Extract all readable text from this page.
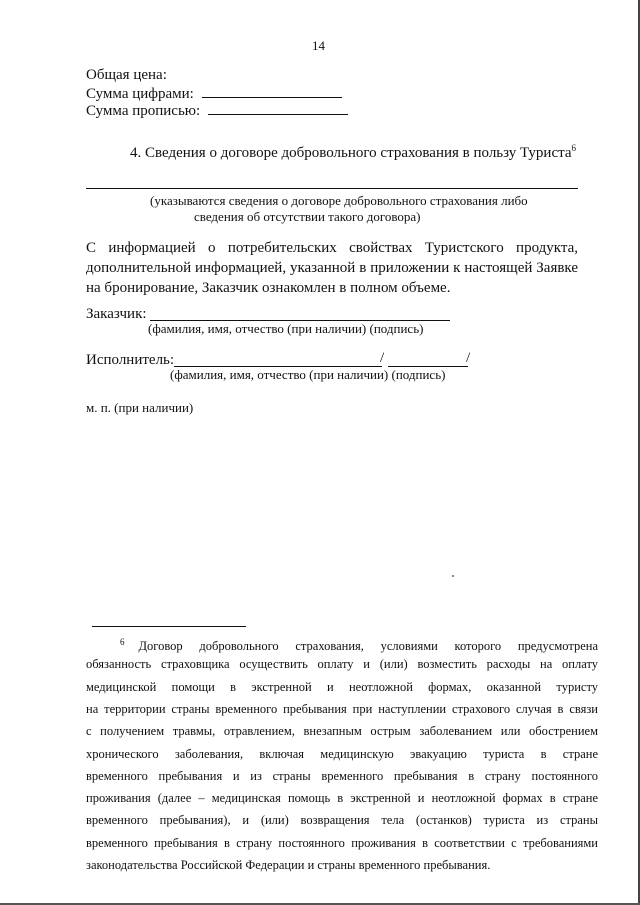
14
Общая цена:
Сумма цифрами:
Сумма прописью:
4. Сведения о договоре добровольного страхования в пользу Туриста$^6$
(указываются сведения о договоре добровольного страхования либо
сведения об отсутствии такого договора)
С информацией о потребительских свойствах Туристского продукта,
дополнительной информацией, указанной в приложении к настоящей Заявке
на бронирование, Заказчик ознакомлен в полном объеме.
Заказчик:
(фамилия, имя, отчество (при наличии) (подпись)
Исполнитель:	/	/
(фамилия, имя, отчество (при наличии) (подпись)
м. п. (при наличии)
$^6$ Договор добровольного страхования, условиями которого предусмотрена
обязанность страховщика осуществить оплату и (или) возместить расходы на оплату
медицинской помощи в экстренной и неотложной формах, оказанной туристу
на территории страны временного пребывания при наступлении страхового случая в связи
с получением травмы, отравлением, внезапным острым заболеванием или обострением
хронического заболевания, включая медицинскую эвакуацию туриста в стране
временного пребывания и из страны временного пребывания в страну постоянного
проживания (далее – медицинская помощь в экстренной и неотложной формах в стране
временного пребывания), и (или) возвращения тела (останков) туриста из страны
временного пребывания в страну постоянного проживания в соответствии с требованиями
законодательства Российской Федерации и страны временного пребывания.
